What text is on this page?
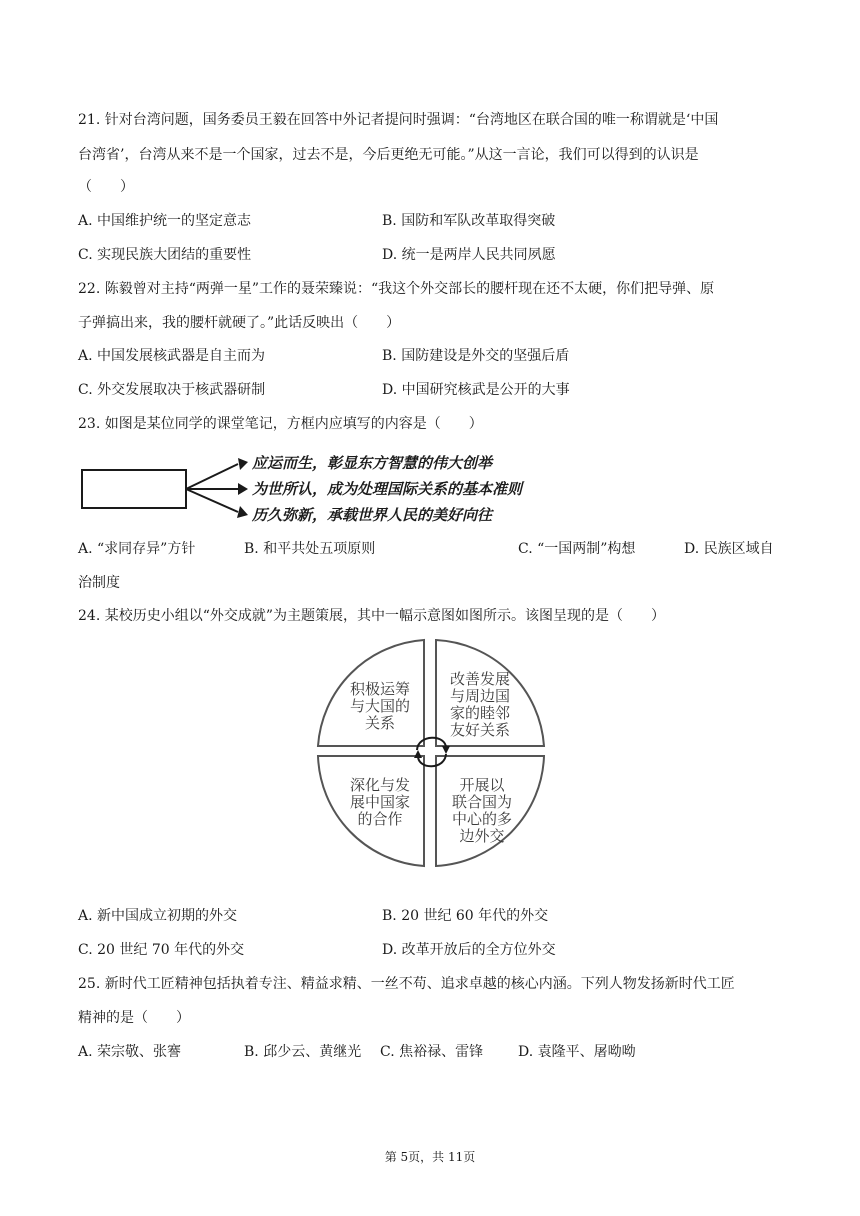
21. 针对台湾问题，国务委员王毅在回答中外记者提问时强调：“台湾地区在联合国的唯一称谓就是‘中国
台湾省’，台湾从来不是一个国家，过去不是，今后更绝无可能。”从这一言论，我们可以得到的认识是
（　　）
A. 中国维护统一的坚定意志	B. 国防和军队改革取得突破
C. 实现民族大团结的重要性	D. 统一是两岸人民共同夙愿
22. 陈毅曾对主持“两弹一星”工作的聂荣臻说：“我这个外交部长的腰杆现在还不太硬，你们把导弹、原
子弹搞出来，我的腰杆就硬了。”此话反映出（　　）
A. 中国发展核武器是自主而为	B. 国防建设是外交的坚强后盾
C. 外交发展取决于核武器研制	D. 中国研究核武是公开的大事
23. 如图是某位同学的课堂笔记，方框内应填写的内容是（　　）
应运而生，彰显东方智慧的伟大创举
为世所认，成为处理国际关系的基本准则
历久弥新，承载世界人民的美好向往
A. “求同存异”方针	B. 和平共处五项原则	C. “一国两制”构想	D. 民族区域自
治制度
24. 某校历史小组以“外交成就”为主题策展，其中一幅示意图如图所示。该图呈现的是（　　）
积极运筹
与大国的
关系
改善发展
与周边国
家的睦邻
友好关系
深化与发
展中国家
的合作
开展以
联合国为
中心的多
边外交
A. 新中国成立初期的外交	B. 20 世纪 60 年代的外交
C. 20 世纪 70 年代的外交	D. 改革开放后的全方位外交
25. 新时代工匠精神包括执着专注、精益求精、一丝不苟、追求卓越的核心内涵。下列人物发扬新时代工匠
精神的是（　　）
A. 荣宗敬、张謇	B. 邱少云、黄继光 C. 焦裕禄、雷锋 D. 袁隆平、屠呦呦
第 5页，共 11页
